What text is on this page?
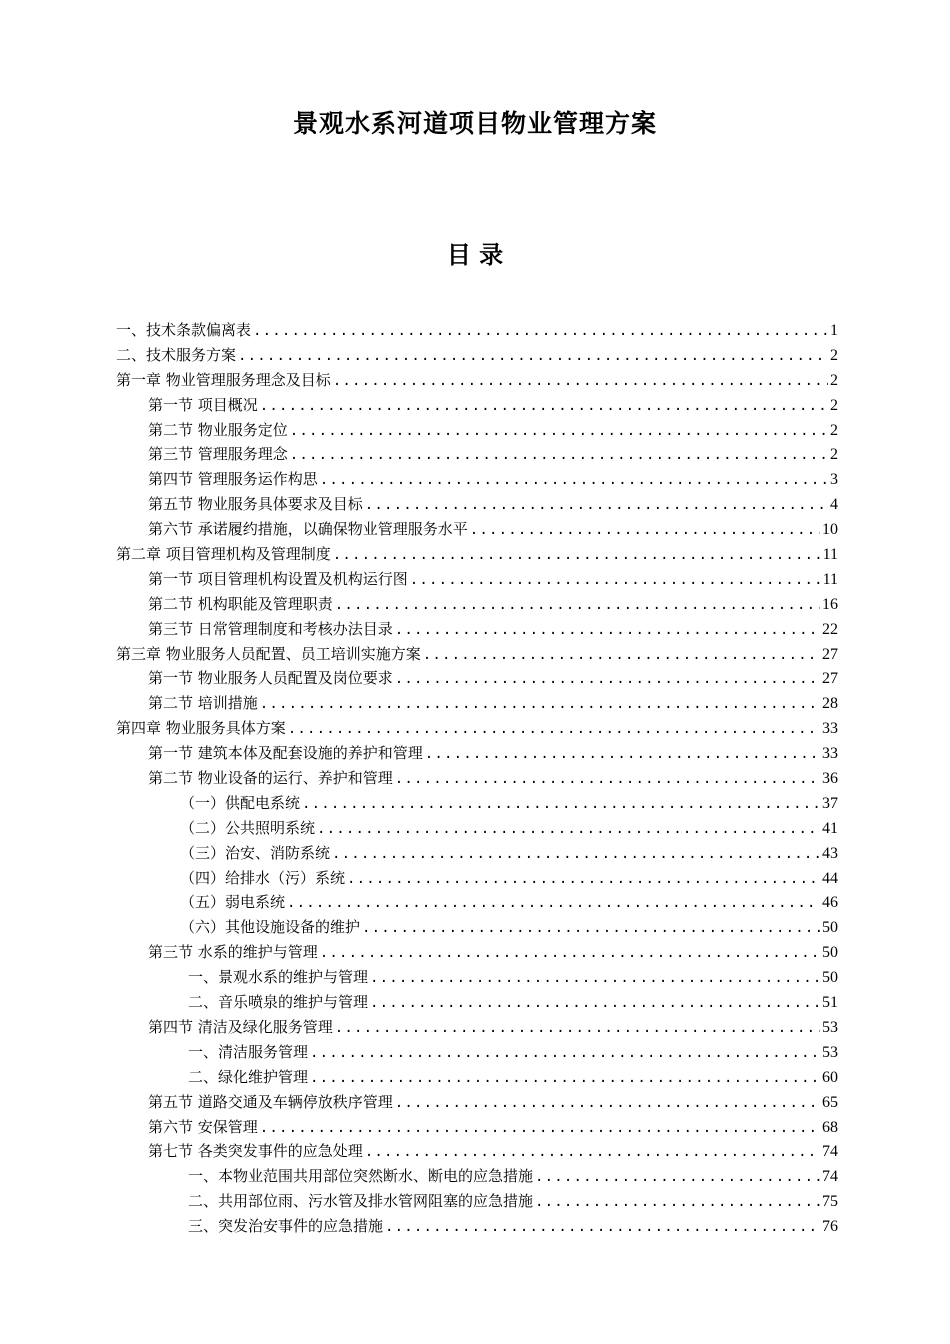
景观水系河道项目物业管理方案
目 录
一、技术条款偏离表 .....	1
二、技术服务方案 .....	2
第一章 物业管理服务理念及目标 .....	2
第一节 项目概况 .....	2
第二节 物业服务定位 .....	2
第三节 管理服务理念 .....	2
第四节 管理服务运作构思 .....	3
第五节 物业服务具体要求及目标 .....	4
第六节 承诺履约措施，以确保物业管理服务水平 .....	10
第二章 项目管理机构及管理制度 .....	11
第一节 项目管理机构设置及机构运行图 .....	11
第二节 机构职能及管理职责 .....	16
第三节 日常管理制度和考核办法目录 .....	22
第三章 物业服务人员配置、员工培训实施方案 .....	27
第一节 物业服务人员配置及岗位要求 .....	27
第二节 培训措施 .....	28
第四章 物业服务具体方案 .....	33
第一节 建筑本体及配套设施的养护和管理 .....	33
第二节 物业设备的运行、养护和管理 .....	36
（一）供配电系统 .....	37
（二）公共照明系统 .....	41
（三）治安、消防系统 .....	43
（四）给排水（污）系统 .....	44
（五）弱电系统 .....	46
（六）其他设施设备的维护 .....	50
第三节 水系的维护与管理 .....	50
一、景观水系的维护与管理 .....	50
二、音乐喷泉的维护与管理 .....	51
第四节 清洁及绿化服务管理 .....	53
一、清洁服务管理 .....	53
二、绿化维护管理 .....	60
第五节 道路交通及车辆停放秩序管理 .....	65
第六节 安保管理 .....	68
第七节 各类突发事件的应急处理 .....	74
一、本物业范围共用部位突然断水、断电的应急措施 .....	74
二、共用部位雨、污水管及排水管网阻塞的应急措施 .....	75
三、突发治安事件的应急措施 .....	76
